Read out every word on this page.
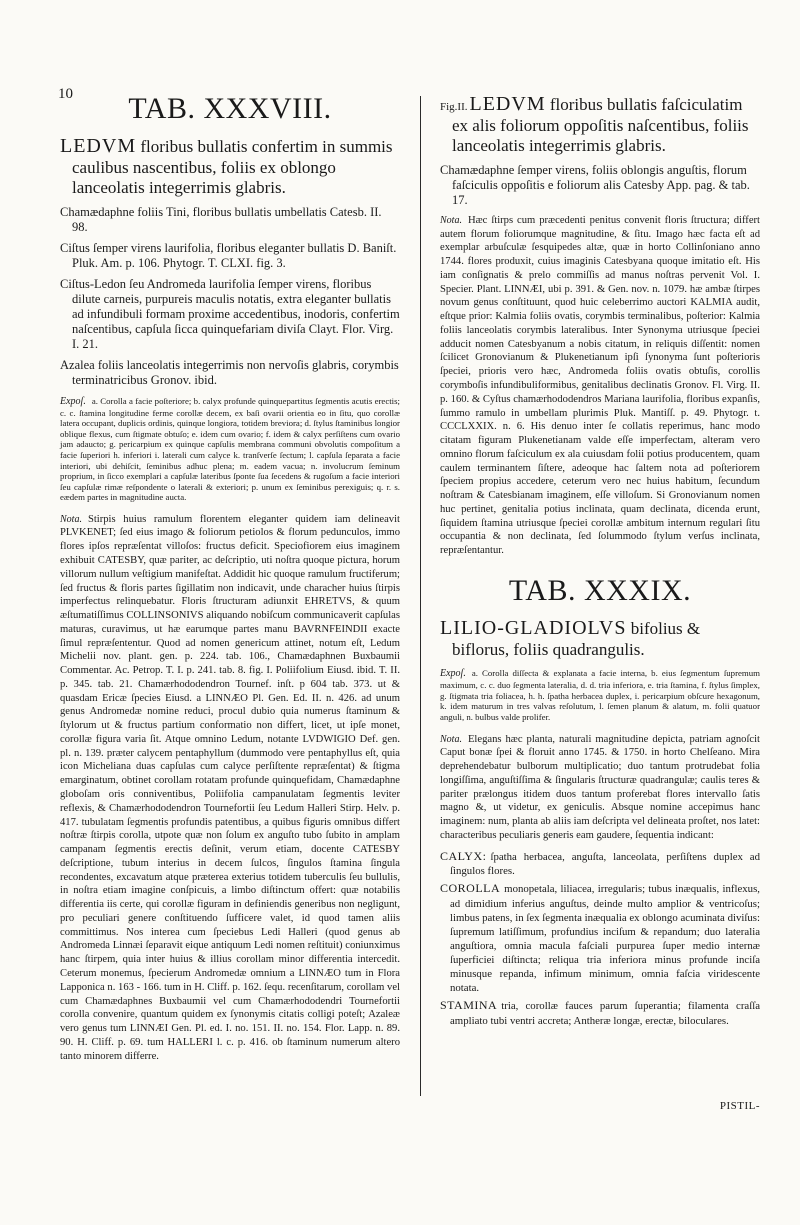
10	TAB. XXXVIII.

LEDVM floribus bullatis confertim in summis caulibus nascentibus, foliis ex oblongo lanceolatis integerrimis glabris.

Chamædaphne foliis Tini, floribus bullatis umbellatis Catesb. II. 98.

Ciſtus ſemper virens laurifolia, floribus eleganter bullatis D. Baniſt. Pluk. Am. p. 106. Phytogr. T. CLXI. fig. 3.

Ciſtus-Ledon ſeu Andromeda laurifolia ſemper virens, floribus dilute carneis, purpureis maculis notatis, extra eleganter bullatis ad infundibuli formam proxime accedentibus, inodoris, confertim naſcentibus, capſula ſicca quinquefariam diviſa Clayt. Flor. Virg. I. 21.

Azalea foliis lanceolatis integerrimis non nervoſis glabris, corymbis terminatricibus Gronov. ibid.

Expoſ. a. Corolla a facie poſteriore; b. calyx profunde quinquepartitus ſegmentis acutis erectis; c. c. ſtamina longitudine ferme corollæ decem, ex baſi ovarii orientia eo in ſitu, quo corollæ latera occupant, duplicis ordinis, quinque longiora, totidem breviora; d. ſtylus ſtaminibus longior oblique flexus, cum ſtigmate obtuſo; e. idem cum ovario; f. idem & calyx perſiſtens cum ovario jam adaucto; g. pericarpium ex quinque capſulis membrana communi obvolutis compoſitum a facie ſuperiori h. inferiori i. laterali cum calyce k. tranſverſe ſectum; l. capſula ſeparata a facie interiori, ubi dehiſcit, ſeminibus adhuc plena; m. eadem vacua; n. involucrum ſeminum proprium, in ſicco exemplari a capſulæ lateribus ſponte ſua ſecedens & rugoſum a facie interiori ſeu capſulæ rimæ reſpondente o laterali & exteriori; p. unum ex ſeminibus perexiguis; q. r. s. eædem partes in magnitudine aucta.

Nota. Stirpis huius ramulum florentem eleganter quidem iam delineavit PLVKENET; ſed eius imago & foliorum petiolos & florum pedunculos, immo flores ipſos repræſentat villoſos: fructus deficit. Speciofiorem eius imaginem exhibuit CATESBY, quæ pariter, ac deſcriptio, uti noſtra quoque pictura, horum villorum nullum veſtigium manifeſtat. Addidit hic quoque ramulum fructiferum; ſed fructus & floris partes ſigillatim non indicavit, unde characher huius ſtirpis imperfectus relinquebatur. Floris ſtructuram adiunxit EHRETVS, & quum æſtumatiſſimus COLLINSONIVS aliquando nobiſcum communicaverit capſulas maturas, curavimus, ut hæ earumque partes manu BAVRNFEINDII exacte ſimul repræſententur. Quod ad nomen genericum attinet, notum eſt, Ledum Michelii nov. plant. gen. p. 224. tab. 106., Chamædaphnen Buxbaumii Commentar. Ac. Petrop. T. I. p. 241. tab. 8. fig. I. Poliifolium Eiusd. ibid. T. II. p. 345. tab. 21. Chamærhododendron Tournef. inſt. p 604 tab. 373. ut & quasdam Ericæ ſpecies Eiusd. a LINNÆO Pl. Gen. Ed. II. n. 426. ad unum genus Andromedæ nomine reduci, procul dubio quia numerus ſtaminum & ſtylorum ut & fructus partium conformatio non differt, licet, ut ipſe monet, corollæ figura varia ſit. Atque omnino Ledum, notante LVDWIGIO Def. gen. pl. n. 139. præter calycem pentaphyllum (dummodo vere pentaphyllus eſt, quia icon Micheliana duas capſulas cum calyce perſiſtente repræſentat) & ſtigma emarginatum, obtinet corollam rotatam profunde quinquefidam, Chamædaphne globoſam oris conniventibus, Poliifolia campanulatam ſegmentis leviter reflexis, & Chamærhododendron Tournefortii ſeu Ledum Halleri Stirp. Helv. p. 417. tubulatam ſegmentis profundis patentibus, a quibus figuris omnibus differt noſtræ ſtirpis corolla, utpote quæ non ſolum ex anguſto tubo ſubito in amplam campanam ſegmentis erectis deſinit, verum etiam, docente CATESBY deſcriptione, tubum interius in decem ſulcos, ſingulos ſtamina ſingula recondentes, excavatum atque præterea exterius totidem tuberculis ſeu bullulis, in noſtra etiam imagine conſpicuis, a limbo diſtinctum offert: quæ notabilis differentia iis certe, qui corollæ figuram in definiendis generibus non negligunt, pro peculiari genere conſtituendo ſufficere valet, id quod tamen aliis committimus. Nos interea cum ſpeciebus Ledi Halleri (quod genus ab Andromeda Linnæi ſeparavit eique antiquum Ledi nomen reſtituit) coniunximus hanc ſtirpem, quia inter huius & illius corollam minor differentia intercedit. Ceterum monemus, ſpecierum Andromedæ omnium a LINNÆO tum in Flora Lapponica n. 163 - 166. tum in H. Cliff. p. 162. ſequ. recenſitarum, corollam vel cum Chamædaphnes Buxbaumii vel cum Chamærhododendri Tournefortii corolla convenire, quantum quidem ex ſynonymis citatis colligi poteſt; Azaleæ vero genus tum LINNÆI Gen. Pl. ed. I. no. 151. II. no. 154. Flor. Lapp. n. 89. 90. H. Cliff. p. 69. tum HALLERI l. c. p. 416. ob ſtaminum numerum altero tanto minorem differre.

Fig.II. LEDVM floribus bullatis faſciculatim ex alis foliorum oppoſitis naſcentibus, foliis lanceolatis integerrimis glabris.

Chamædaphne ſemper virens, foliis oblongis anguſtis, florum faſciculis oppoſitis e foliorum alis Catesby App. pag. & tab. 17.

Nota. Hæc ſtirps cum præcedenti penitus convenit floris ſtructura; differt autem florum foliorumque magnitudine, & ſitu. Imago hæc facta eſt ad exemplar arbuſculæ ſesquipedes altæ, quæ in horto Collinſoniano anno 1744. flores produxit, cuius imaginis Catesbyana quoque imitatio eſt. His iam conſignatis & prelo commiſſis ad manus noſtras pervenit Vol. I. Specier. Plant. LINNÆI, ubi p. 391. & Gen. nov. n. 1079. hæ ambæ ſtirpes novum genus conſtituunt, quod huic celeberrimo auctori KALMIA audit, eſtque prior: Kalmia foliis ovatis, corymbis terminalibus, poſterior: Kalmia foliis lanceolatis corymbis lateralibus. Inter Synonyma utriusque ſpeciei adducit nomen Catesbyanum a nobis citatum, in reliquis diſſentit: nomen ſcilicet Gronovianum & Plukenetianum ipſi ſynonyma ſunt poſterioris ſpeciei, prioris vero hæc, Andromeda foliis ovatis obtuſis, corollis corymboſis infundibuliformibus, genitalibus declinatis Gronov. Fl. Virg. II. p. 160. & Cyſtus chamærhododendros Mariana laurifolia, floribus expanſis, ſummo ramulo in umbellam plurimis Pluk. Mantiſſ. p. 49. Phytogr. t. CCCLXXIX. n. 6. His denuo inter ſe collatis reperimus, hanc modo citatam figuram Plukenetianam valde eſſe imperfectam, alteram vero omnino florum faſciculum ex ala cuiusdam folii potius producentem, quam caulem terminantem ſiſtere, adeoque hac ſaltem nota ad poſteriorem ſpeciem propius accedere, ceterum vero nec huius habitum, ſecundum noſtram & Catesbianam imaginem, eſſe villoſum. Si Gronovianum nomen huc pertinet, genitalia potius inclinata, quam declinata, dicenda erunt, ſiquidem ſtamina utriusque ſpeciei corollæ ambitum internum regulari ſitu occupantia & non declinata, ſed ſolummodo ſtylum verſus inclinata, repræſentantur.

TAB. XXXIX.

LILIO-GLADIOLVS bifolius & biflorus, foliis quadrangulis.

Expoſ. a. Corolla diſſecta & explanata a facie interna, b. eius ſegmentum ſupremum maximum, c. c. duo ſegmenta lateralia, d. d. tria inferiora, e. tria ſtamina, f. ſtylus ſimplex, g. ſtigmata tria foliacea, h. h. ſpatha herbacea duplex, i. pericarpium obſcure hexagonum, k. idem maturum in tres valvas reſolutum, l. ſemen planum & alatum, m. folii quatuor anguli, n. bulbus valde prolifer.

Nota. Elegans hæc planta, naturali magnitudine depicta, patriam agnoſcit Caput bonæ ſpei & floruit anno 1745. & 1750. in horto Chelſeano. Mira deprehendebatur bulborum multiplicatio; duo tantum protrudebat folia longiſſima, anguſtiſſima & ſingularis ſtructuræ quadrangulæ; caulis teres & pariter prælongus itidem duos tantum proferebat flores intervallo ſatis magno &, ut videtur, ex geniculis. Absque nomine accepimus hanc imaginem: num, planta ab aliis iam deſcripta vel delineata proſtet, nos latet: characteribus peculiaris generis eam gaudere, ſequentia indicant:

CALYX: ſpatha herbacea, anguſta, lanceolata, perſiſtens duplex ad ſingulos flores.

COROLLA monopetala, liliacea, irregularis; tubus inæqualis, inflexus, ad dimidium inferius anguſtus, deinde multo amplior & ventricoſus; limbus patens, in ſex ſegmenta inæqualia ex oblongo acuminata diviſus: ſupremum latiſſimum, profundius inciſum & repandum; duo lateralia anguſtiora, omnia macula faſciali purpurea ſuper medio internæ ſuperficiei diſtincta; reliqua tria inferiora minus profunde inciſa minusque repanda, infimum minimum, omnia faſcia viridescente notata.

STAMINA tria, corollæ fauces parum ſuperantia; filamenta craſſa ampliato tubi ventri accreta; Antheræ longæ, erectæ, biloculares.

PISTIL-
